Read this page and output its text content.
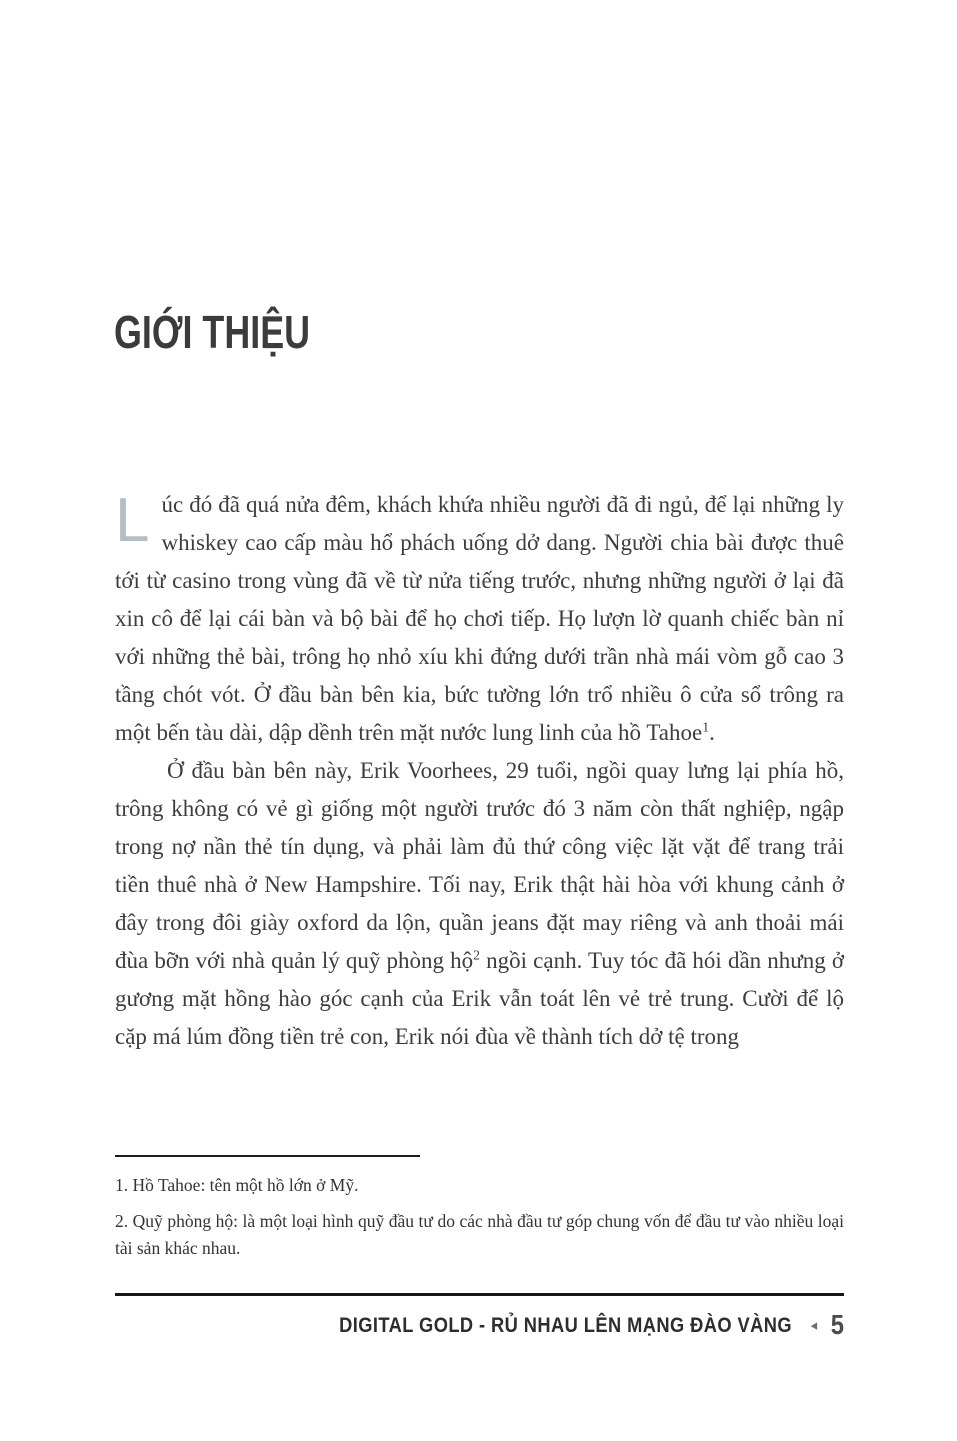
GIỚI THIỆU

Lúc đó đã quá nửa đêm, khách khứa nhiều người đã đi ngủ, để lại những ly whiskey cao cấp màu hổ phách uống dở dang. Người chia bài được thuê tới từ casino trong vùng đã về từ nửa tiếng trước, nhưng những người ở lại đã xin cô để lại cái bàn và bộ bài để họ chơi tiếp. Họ lượn lờ quanh chiếc bàn nỉ với những thẻ bài, trông họ nhỏ xíu khi đứng dưới trần nhà mái vòm gỗ cao 3 tầng chót vót. Ở đầu bàn bên kia, bức tường lớn trổ nhiều ô cửa sổ trông ra một bến tàu dài, dập dềnh trên mặt nước lung linh của hồ Tahoe$^1$.

Ở đầu bàn bên này, Erik Voorhees, 29 tuổi, ngồi quay lưng lại phía hồ, trông không có vẻ gì giống một người trước đó 3 năm còn thất nghiệp, ngập trong nợ nần thẻ tín dụng, và phải làm đủ thứ công việc lặt vặt để trang trải tiền thuê nhà ở New Hampshire. Tối nay, Erik thật hài hòa với khung cảnh ở đây trong đôi giày oxford da lộn, quần jeans đặt may riêng và anh thoải mái đùa bỡn với nhà quản lý quỹ phòng hộ$^2$ ngồi cạnh. Tuy tóc đã hói dần nhưng ở gương mặt hồng hào góc cạnh của Erik vẫn toát lên vẻ trẻ trung. Cười để lộ cặp má lúm đồng tiền trẻ con, Erik nói đùa về thành tích dở tệ trong

1. Hồ Tahoe: tên một hồ lớn ở Mỹ.

2. Quỹ phòng hộ: là một loại hình quỹ đầu tư do các nhà đầu tư góp chung vốn để đầu tư vào nhiều loại tài sản khác nhau.

DIGITAL GOLD - RỦ NHAU LÊN MẠNG ĐÀO VÀNG ◂ 5
